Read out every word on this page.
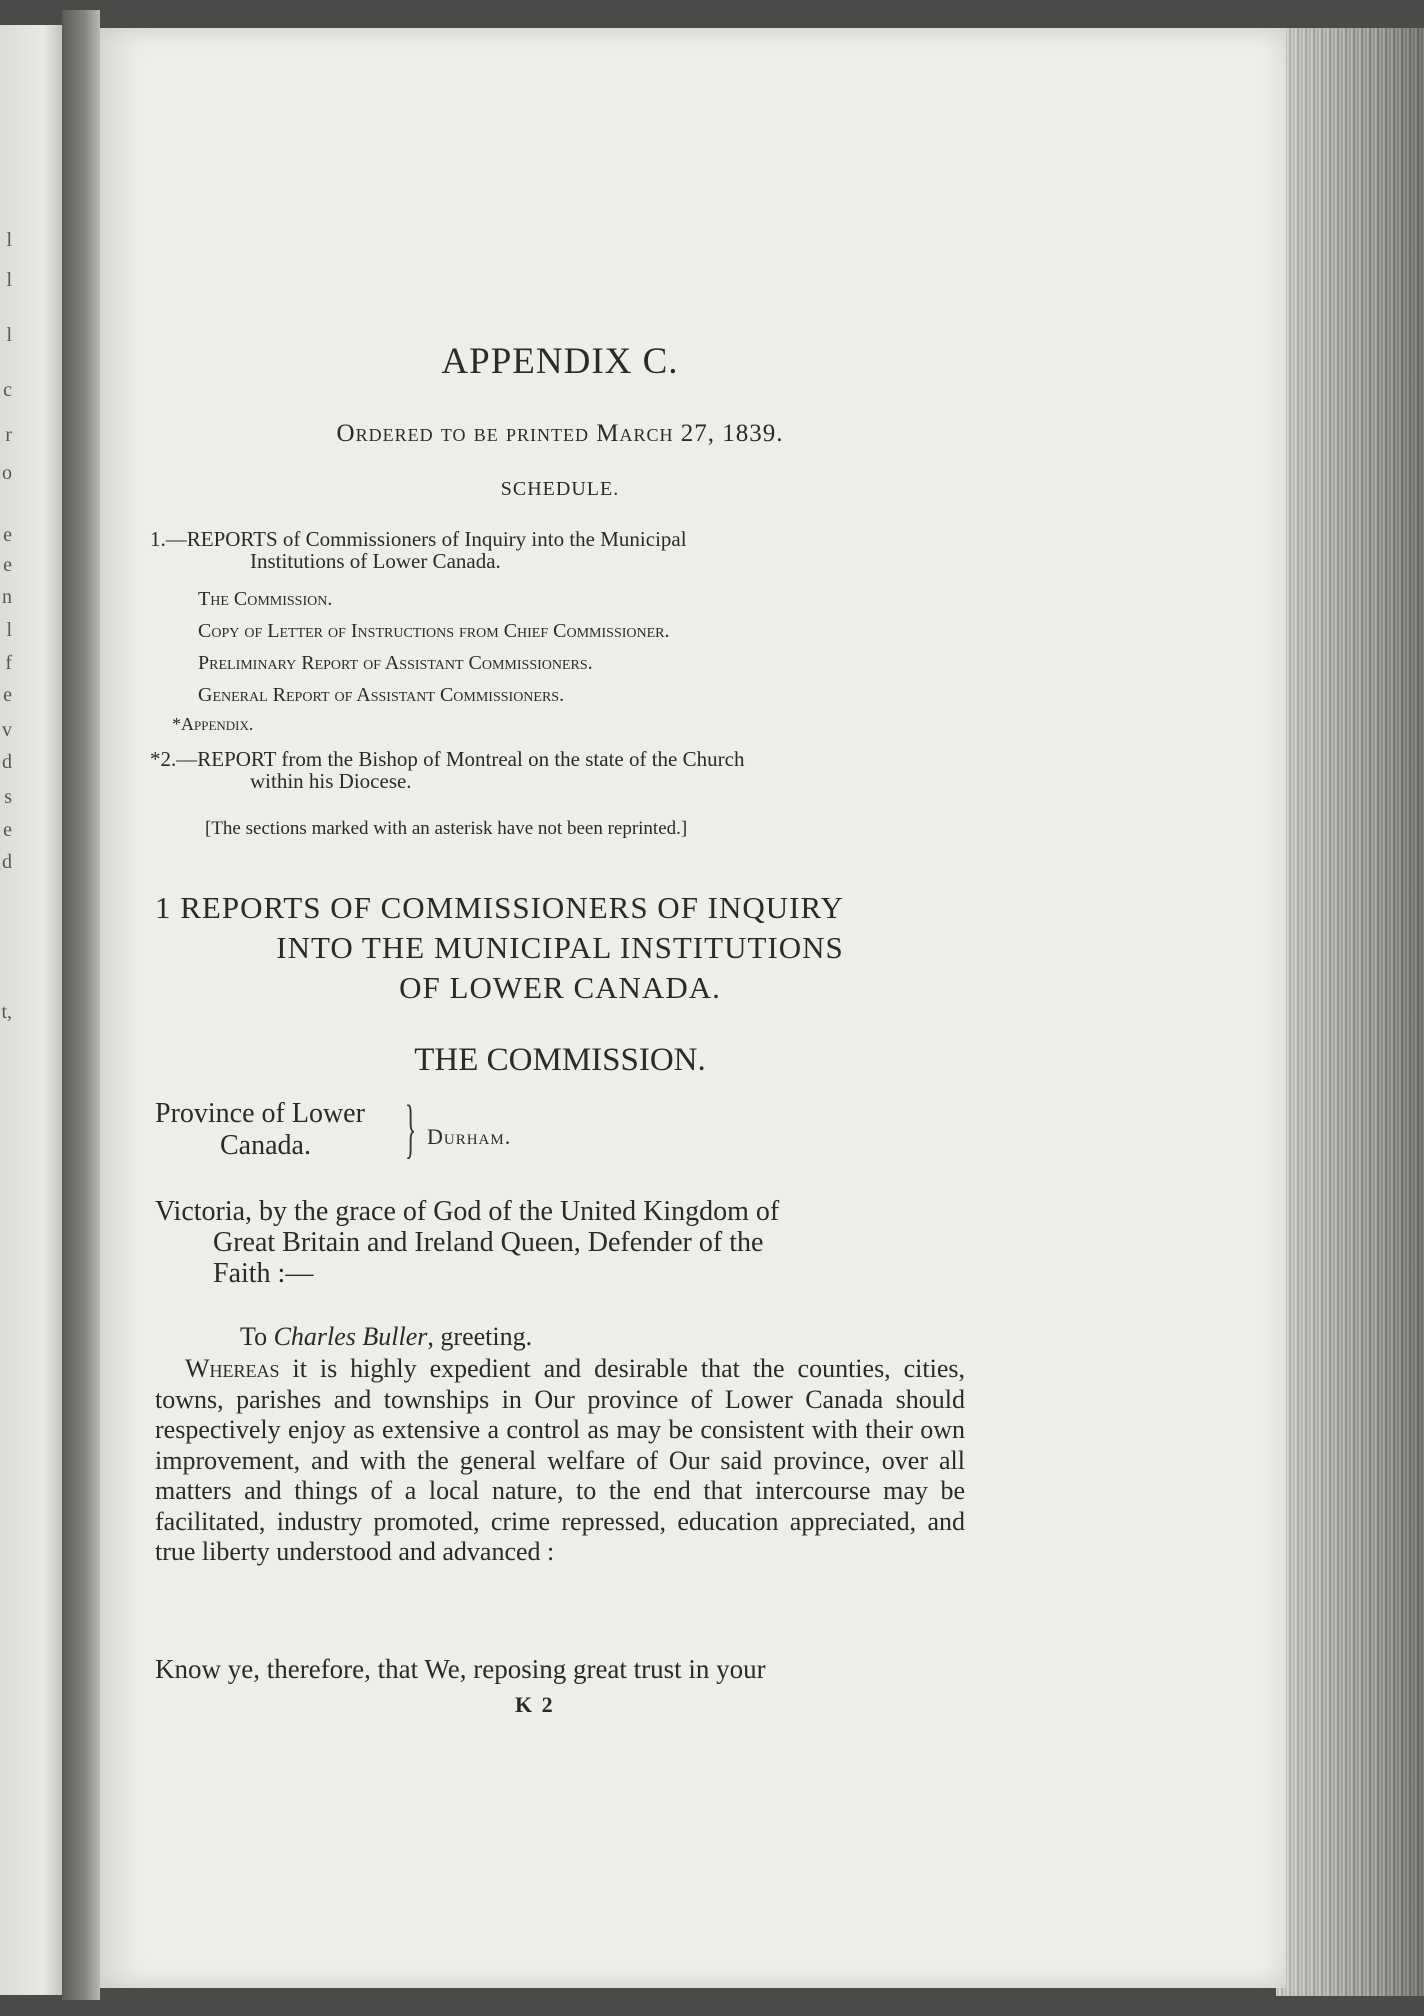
l
l
l
c
r
o
e
e
n
l
f
e
v
d
s
e
d
t,
APPENDIX C.

Ordered to be printed March 27, 1839.

SCHEDULE.

1.—REPORTS of Commissioners of Inquiry into the Municipal
Institutions of Lower Canada.
The Commission.
Copy of Letter of Instructions from Chief Commissioner.
Preliminary Report of Assistant Commissioners.
General Report of Assistant Commissioners.
*Appendix.
*2.—REPORT from the Bishop of Montreal on the state of the Church
within his Diocese.

[The sections marked with an asterisk have not been reprinted.]

1 REPORTS OF COMMISSIONERS OF INQUIRY
INTO THE MUNICIPAL INSTITUTIONS
OF LOWER CANADA.
THE COMMISSION.
Province of Lower
Canada.	} Durham.
Victoria, by the grace of God of the United Kingdom of
Great Britain and Ireland Queen, Defender of the
Faith :—
To Charles Buller, greeting.
Whereas it is highly expedient and desirable that the counties, cities, towns, parishes and townships in Our province of Lower Canada should respectively enjoy as extensive a control as may be consistent with their own improvement, and with the general welfare of Our said province, over all matters and things of a local nature, to the end that intercourse may be facilitated, industry promoted, crime repressed, education appreciated, and true liberty understood and advanced :
Know ye, therefore, that We, reposing great trust in your
K 2
